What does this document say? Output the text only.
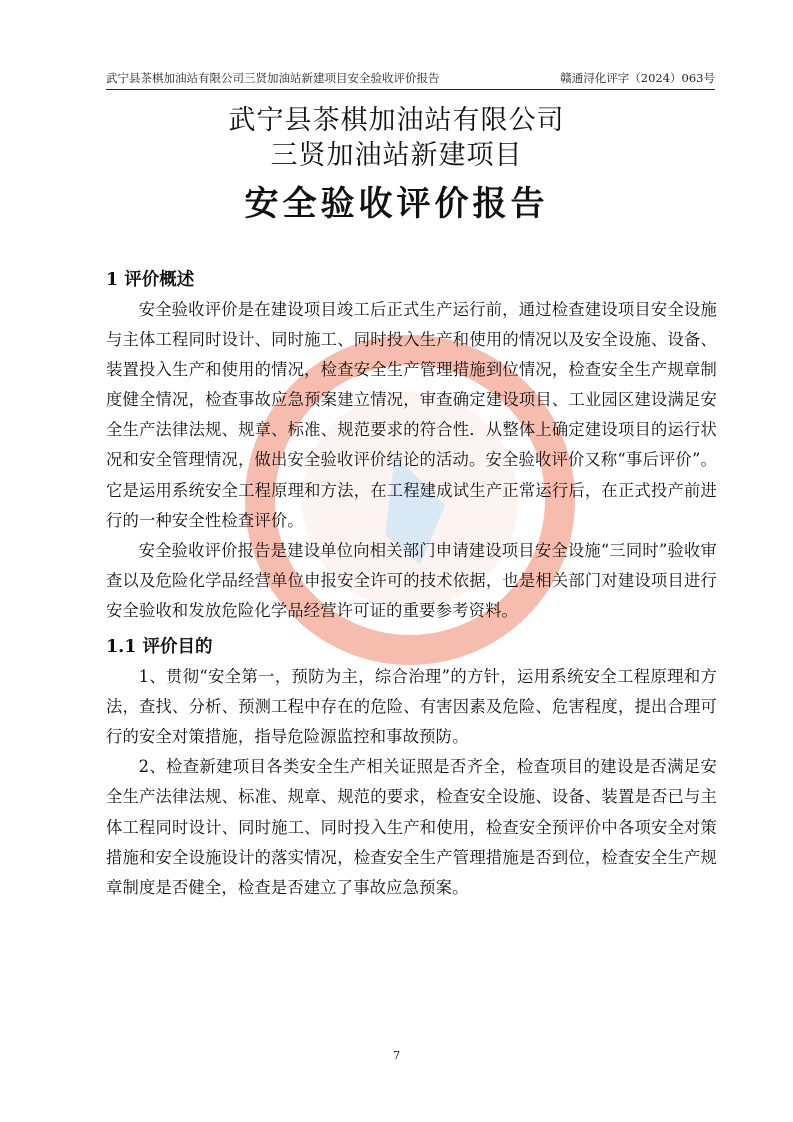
武宁县茶棋加油站有限公司三贤加油站新建项目安全验收评价报告	赣通浔化评字（2024）063号
武宁县茶棋加油站有限公司
三贤加油站新建项目
安全验收评价报告
1 评价概述

安全验收评价是在建设项目竣工后正式生产运行前，通过检查建设项目安全设施与主体工程同时设计、同时施工、同时投入生产和使用的情况以及安全设施、设备、装置投入生产和使用的情况，检查安全生产管理措施到位情况，检查安全生产规章制度健全情况，检查事故应急预案建立情况，审查确定建设项目、工业园区建设满足安全生产法律法规、规章、标准、规范要求的符合性．从整体上确定建设项目的运行状况和安全管理情况，做出安全验收评价结论的活动。安全验收评价又称“事后评价”。它是运用系统安全工程原理和方法，在工程建成试生产正常运行后，在正式投产前进行的一种安全性检查评价。

安全验收评价报告是建设单位向相关部门申请建设项目安全设施“三同时”验收审查以及危险化学品经营单位申报安全许可的技术依据，也是相关部门对建设项目进行安全验收和发放危险化学品经营许可证的重要参考资料。

1.1 评价目的

1、贯彻“安全第一，预防为主，综合治理”的方针，运用系统安全工程原理和方法，查找、分析、预测工程中存在的危险、有害因素及危险、危害程度，提出合理可行的安全对策措施，指导危险源监控和事故预防。

2、检查新建项目各类安全生产相关证照是否齐全，检查项目的建设是否满足安全生产法律法规、标准、规章、规范的要求，检查安全设施、设备、装置是否已与主体工程同时设计、同时施工、同时投入生产和使用，检查安全预评价中各项安全对策措施和安全设施设计的落实情况，检查安全生产管理措施是否到位，检查安全生产规章制度是否健全，检查是否建立了事故应急预案。

7
